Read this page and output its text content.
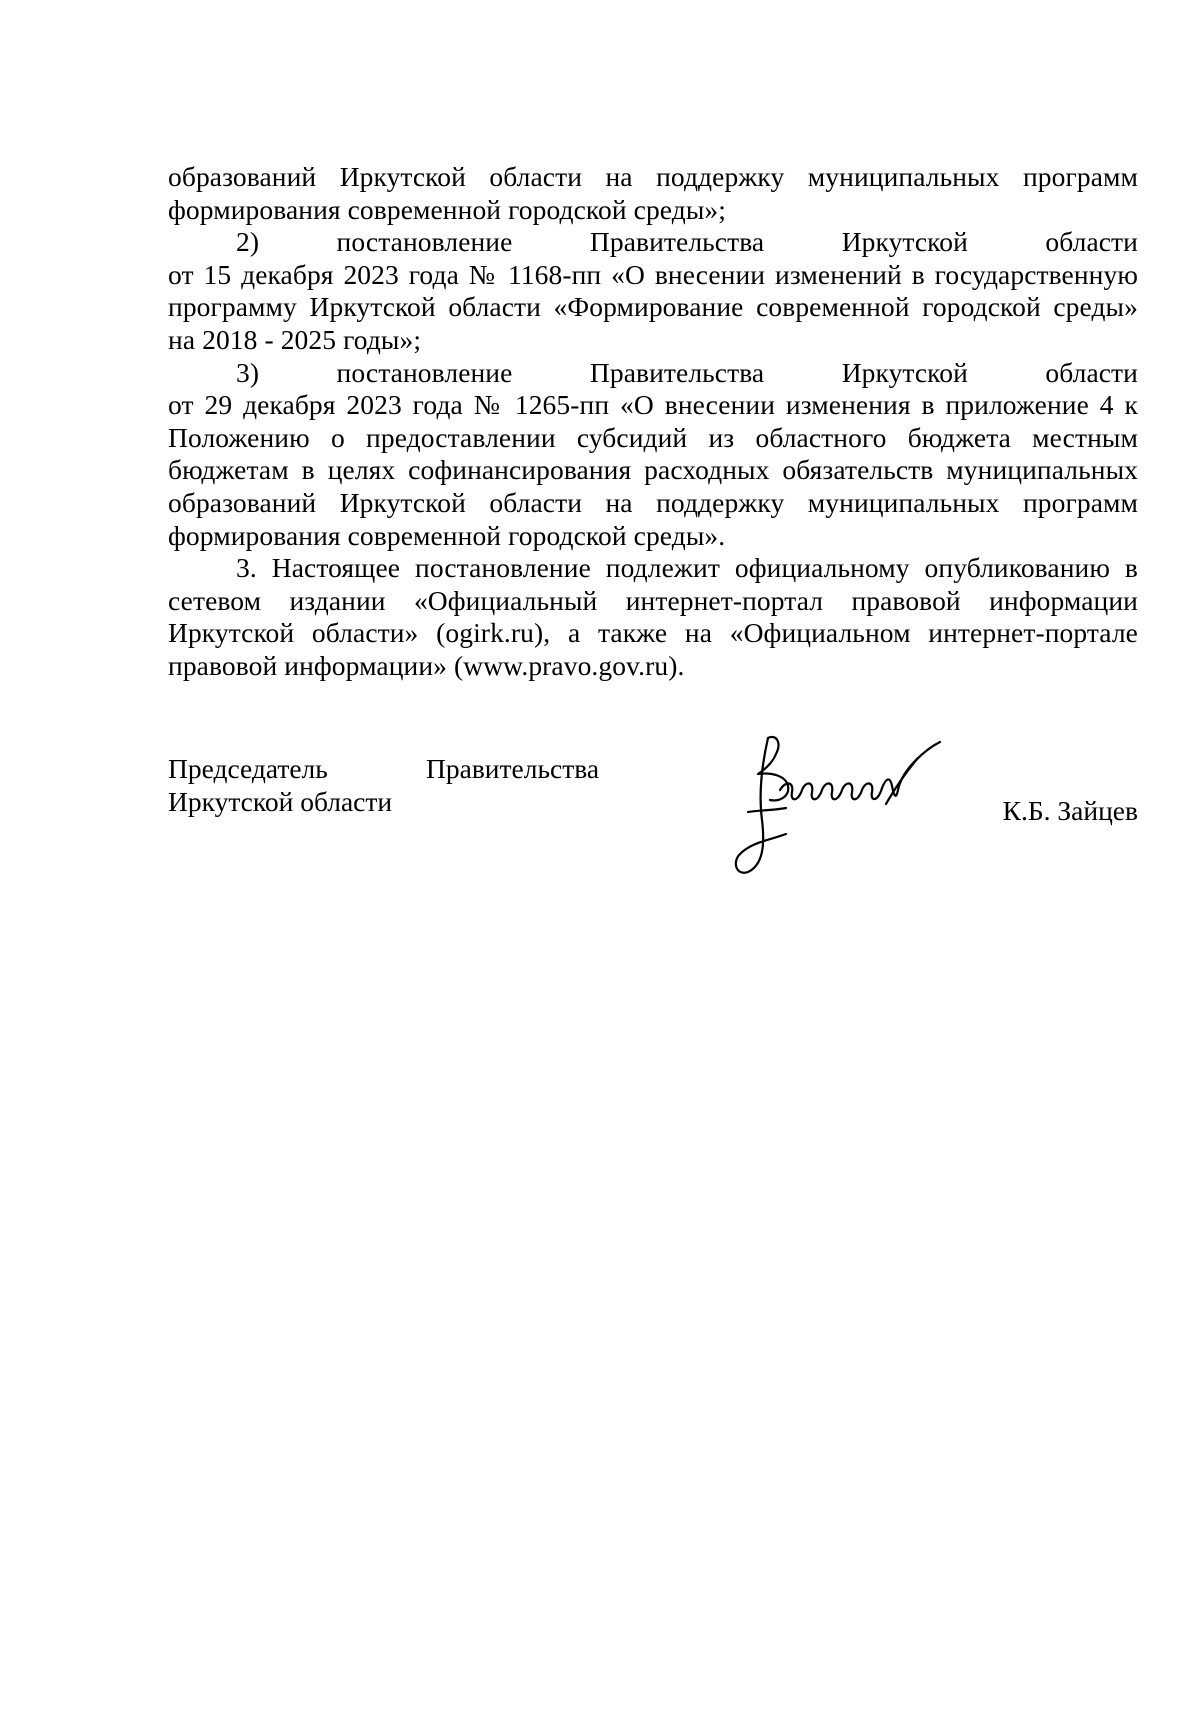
образований Иркутской области на поддержку муниципальных программ

формирования современной городской среды»;

2) постановление Правительства Иркутской области

от 15 декабря 2023 года № 1168-пп «О внесении изменений в государственную программу Иркутской области «Формирование современной городской среды» на 2018 - 2025 годы»;

3) постановление Правительства Иркутской области

от 29 декабря 2023 года № 1265-пп «О внесении изменения в приложение 4 к Положению о предоставлении субсидий из областного бюджета местным бюджетам в целях софинансирования расходных обязательств муниципальных образований Иркутской области на поддержку муниципальных программ формирования современной городской среды».

3. Настоящее постановление подлежит официальному опубликованию в сетевом издании «Официальный интернет-портал правовой информации Иркутской области» (ogirk.ru), а также на «Официальном интернет-портале правовой информации» (www.pravo.gov.ru).

Председатель	Правительства
Иркутской области	К.Б. Зайцев
